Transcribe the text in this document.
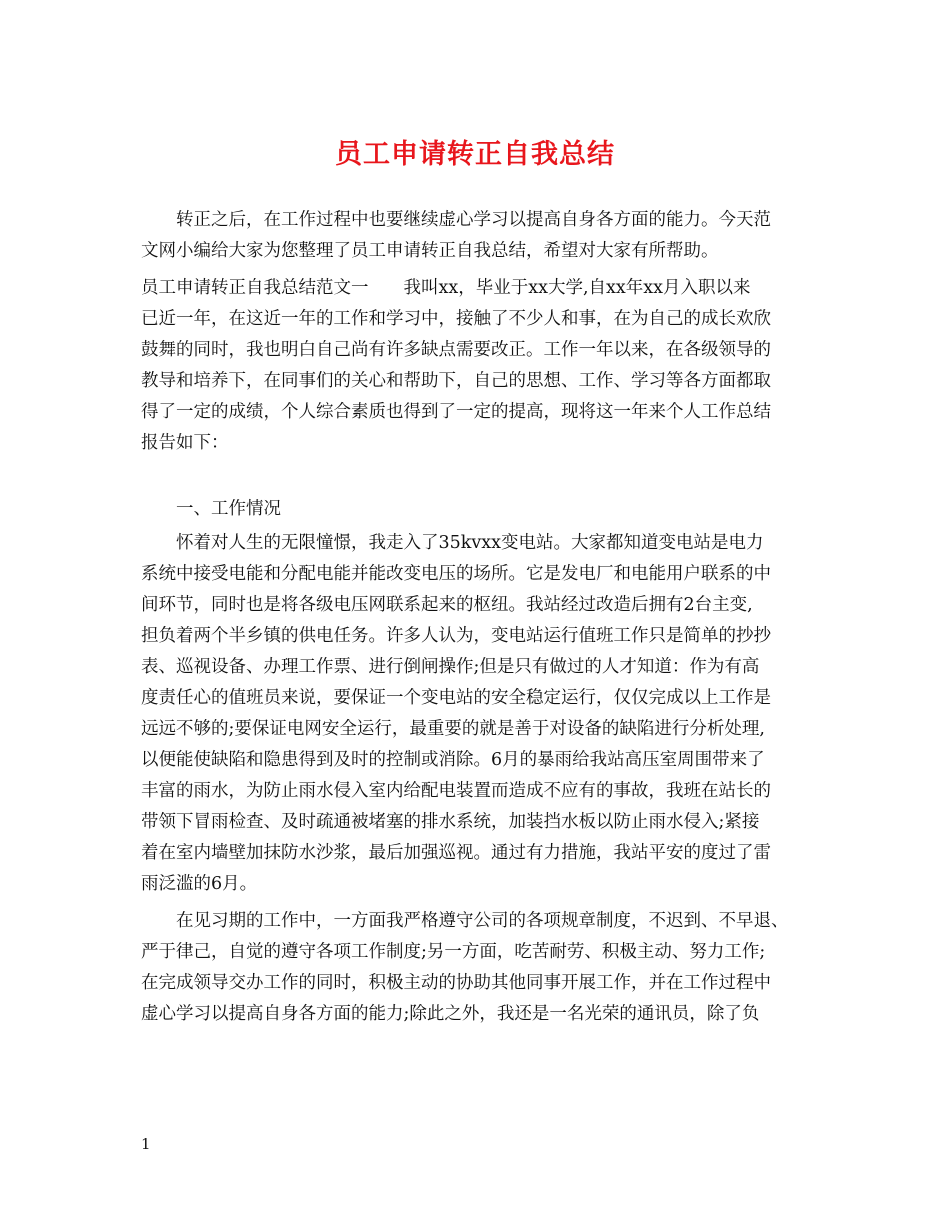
员工申请转正自我总结
　　转正之后，在工作过程中也要继续虚心学习以提高自身各方面的能力。今天范
文网小编给大家为您整理了员工申请转正自我总结，希望对大家有所帮助。
员工申请转正自我总结范文一　　我叫xx，毕业于xx大学,自xx年xx月入职以来
已近一年，在这近一年的工作和学习中，接触了不少人和事，在为自己的成长欢欣
鼓舞的同时，我也明白自己尚有许多缺点需要改正。工作一年以来，在各级领导的
教导和培养下，在同事们的关心和帮助下，自己的思想、工作、学习等各方面都取
得了一定的成绩，个人综合素质也得到了一定的提高，现将这一年来个人工作总结
报告如下：
　　一、工作情况
　　怀着对人生的无限憧憬，我走入了35kvxx变电站。大家都知道变电站是电力
系统中接受电能和分配电能并能改变电压的场所。它是发电厂和电能用户联系的中
间环节，同时也是将各级电压网联系起来的枢纽。我站经过改造后拥有2台主变,
担负着两个半乡镇的供电任务。许多人认为，变电站运行值班工作只是简单的抄抄
表、巡视设备、办理工作票、进行倒闸操作;但是只有做过的人才知道：作为有高
度责任心的值班员来说，要保证一个变电站的安全稳定运行，仅仅完成以上工作是
远远不够的;要保证电网安全运行，最重要的就是善于对设备的缺陷进行分析处理,
以便能使缺陷和隐患得到及时的控制或消除。6月的暴雨给我站高压室周围带来了
丰富的雨水，为防止雨水侵入室内给配电装置而造成不应有的事故，我班在站长的
带领下冒雨检查、及时疏通被堵塞的排水系统，加装挡水板以防止雨水侵入;紧接
着在室内墙壁加抹防水沙浆，最后加强巡视。通过有力措施，我站平安的度过了雷
雨泛滥的6月。
　　在见习期的工作中，一方面我严格遵守公司的各项规章制度，不迟到、不早退、
严于律己，自觉的遵守各项工作制度;另一方面，吃苦耐劳、积极主动、努力工作;
在完成领导交办工作的同时，积极主动的协助其他同事开展工作，并在工作过程中
虚心学习以提高自身各方面的能力;除此之外，我还是一名光荣的通讯员，除了负
1
